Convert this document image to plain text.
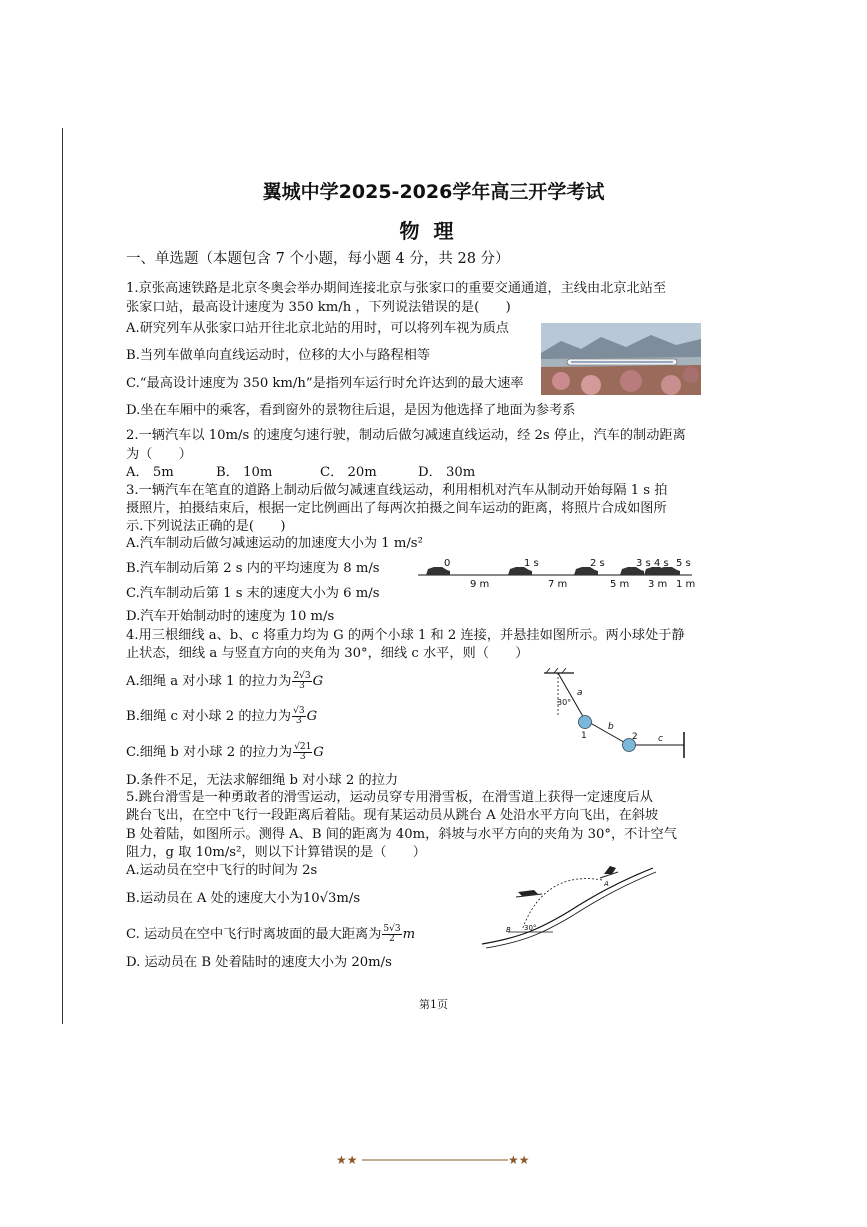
翼城中学2025-2026学年高三开学考试
物理
一、单选题（本题包含 7 个小题，每小题 4 分，共 28 分）
1.京张高速铁路是北京冬奥会举办期间连接北京与张家口的重要交通通道，主线由北京北站至
张家口站，最高设计速度为 350 km/h ，下列说法错误的是(　　)
A.研究列车从张家口站开往北京北站的用时，可以将列车视为质点
B.当列车做单向直线运动时，位移的大小与路程相等
C.“最高设计速度为 350 km/h”是指列车运行时允许达到的最大速率
D.坐在车厢中的乘客，看到窗外的景物往后退，是因为他选择了地面为参考系
2.一辆汽车以 10m/s 的速度匀速行驶，制动后做匀减速直线运动，经 2s 停止，汽车的制动距离
为（　　）
A． 5m	B． 10m	C． 20m	D． 30m
3.一辆汽车在笔直的道路上制动后做匀减速直线运动，利用相机对汽车从制动开始每隔 1 s 拍
摄照片，拍摄结束后，根据一定比例画出了每两次拍摄之间车运动的距离，将照片合成如图所
示.下列说法正确的是(　　)
A.汽车制动后做匀减速运动的加速度大小为 1 m/s²
B.汽车制动后第 2 s 内的平均速度为 8 m/s
C.汽车制动后第 1 s 末的速度大小为 6 m/s
D.汽车开始制动时的速度为 10 m/s
0	1 s	2 s	3 s 4 s 5 s
9 m	7 m	5 m 3 m 1 m
4.用三根细线 a、b、c 将重力均为 G 的两个小球 1 和 2 连接，并悬挂如图所示。两小球处于静
止状态，细线 a 与竖直方向的夹角为 30°，细线 c 水平，则（　　）
A.细绳 a 对小球 1 的拉力为 $\frac{2√3}{3}$ G
B.细绳 c 对小球 2 的拉力为 $\frac{√3}{3}$ G
C.细绳 b 对小球 2 的拉力为 $\frac{√21}{3}$ G
D.条件不足，无法求解细绳 b 对小球 2 的拉力
a
30°
b
c
1	2
5.跳台滑雪是一种勇敢者的滑雪运动，运动员穿专用滑雪板，在滑雪道上获得一定速度后从
跳台飞出，在空中飞行一段距离后着陆。现有某运动员从跳台 A 处沿水平方向飞出，在斜坡
B 处着陆，如图所示。测得 A、B 间的距离为 40m，斜坡与水平方向的夹角为 30°，不计空气
阻力，g 取 10m/s²，则以下计算错误的是（　　）
A.运动员在空中飞行的时间为 2s
B.运动员在 A 处的速度大小为10√3m/s
C. 运动员在空中飞行时离坡面的最大距离为 $\frac{5√3}{2}$ m
D. 运动员在 B 处着陆时的速度大小为 20m/s
A
B 30°
第1页
★★	★★
